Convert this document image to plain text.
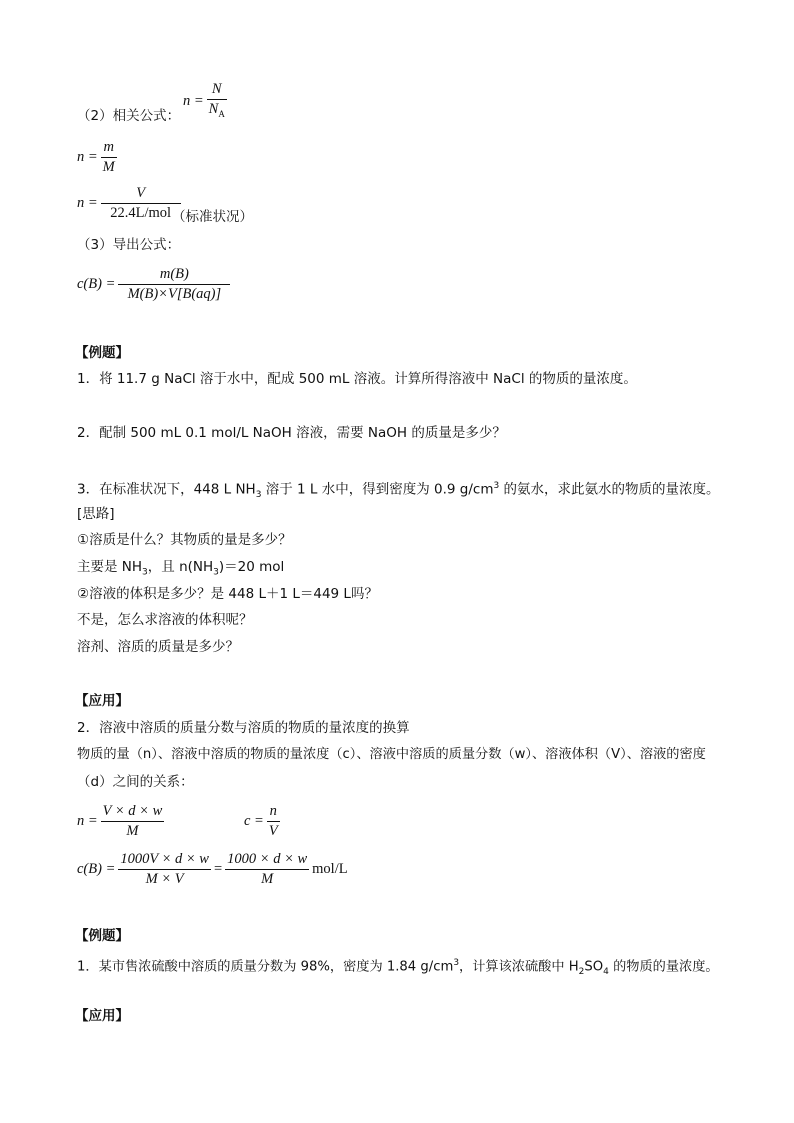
$n = \frac{N}{N_A}$
（2）相关公式：
$n = \frac{m}{M}$
$n = \frac{V}{\text{22.4L/mol}}$
（标准状况）
（3）导出公式：
$c(B) = \frac{m(B)}{M(B)\times V[B(aq)]}$
【例题】
1．将 11.7 g NaCl 溶于水中，配成 500 mL 溶液。计算所得溶液中 NaCl 的物质的量浓度。
2．配制 500 mL 0.1 mol/L NaOH 溶液，需要 NaOH 的质量是多少？
3．在标准状况下，448 L $NH_3$ 溶于 1 L 水中，得到密度为 0.9 $g/cm^3$ 的氨水，求此氨水的物质的量浓度。
[思路]
①溶质是什么？其物质的量是多少？
主要是 $NH_3$，且 $n(NH_3)=20$ mol
②溶液的体积是多少？是 448 L＋1 L＝449 L吗？
不是，怎么求溶液的体积呢？
溶剂、溶质的质量是多少？
【应用】
2．溶液中溶质的质量分数与溶质的物质的量浓度的换算
物质的量（n）、溶液中溶质的物质的量浓度（c）、溶液中溶质的质量分数（w）、溶液体积（V）、溶液的密度
（d）之间的关系：
$n = \frac{V \times d \times w}{M}$	$c = \frac{n}{V}$
$c(B) = \frac{1000V \times d \times w}{M \times V} = \frac{1000 \times d \times w}{M} mol/L$
【例题】
1．某市售浓硫酸中溶质的质量分数为 98%，密度为 1.84 $g/cm^3$，计算该浓硫酸中 $H_2SO_4$ 的物质的量浓度。
【应用】
